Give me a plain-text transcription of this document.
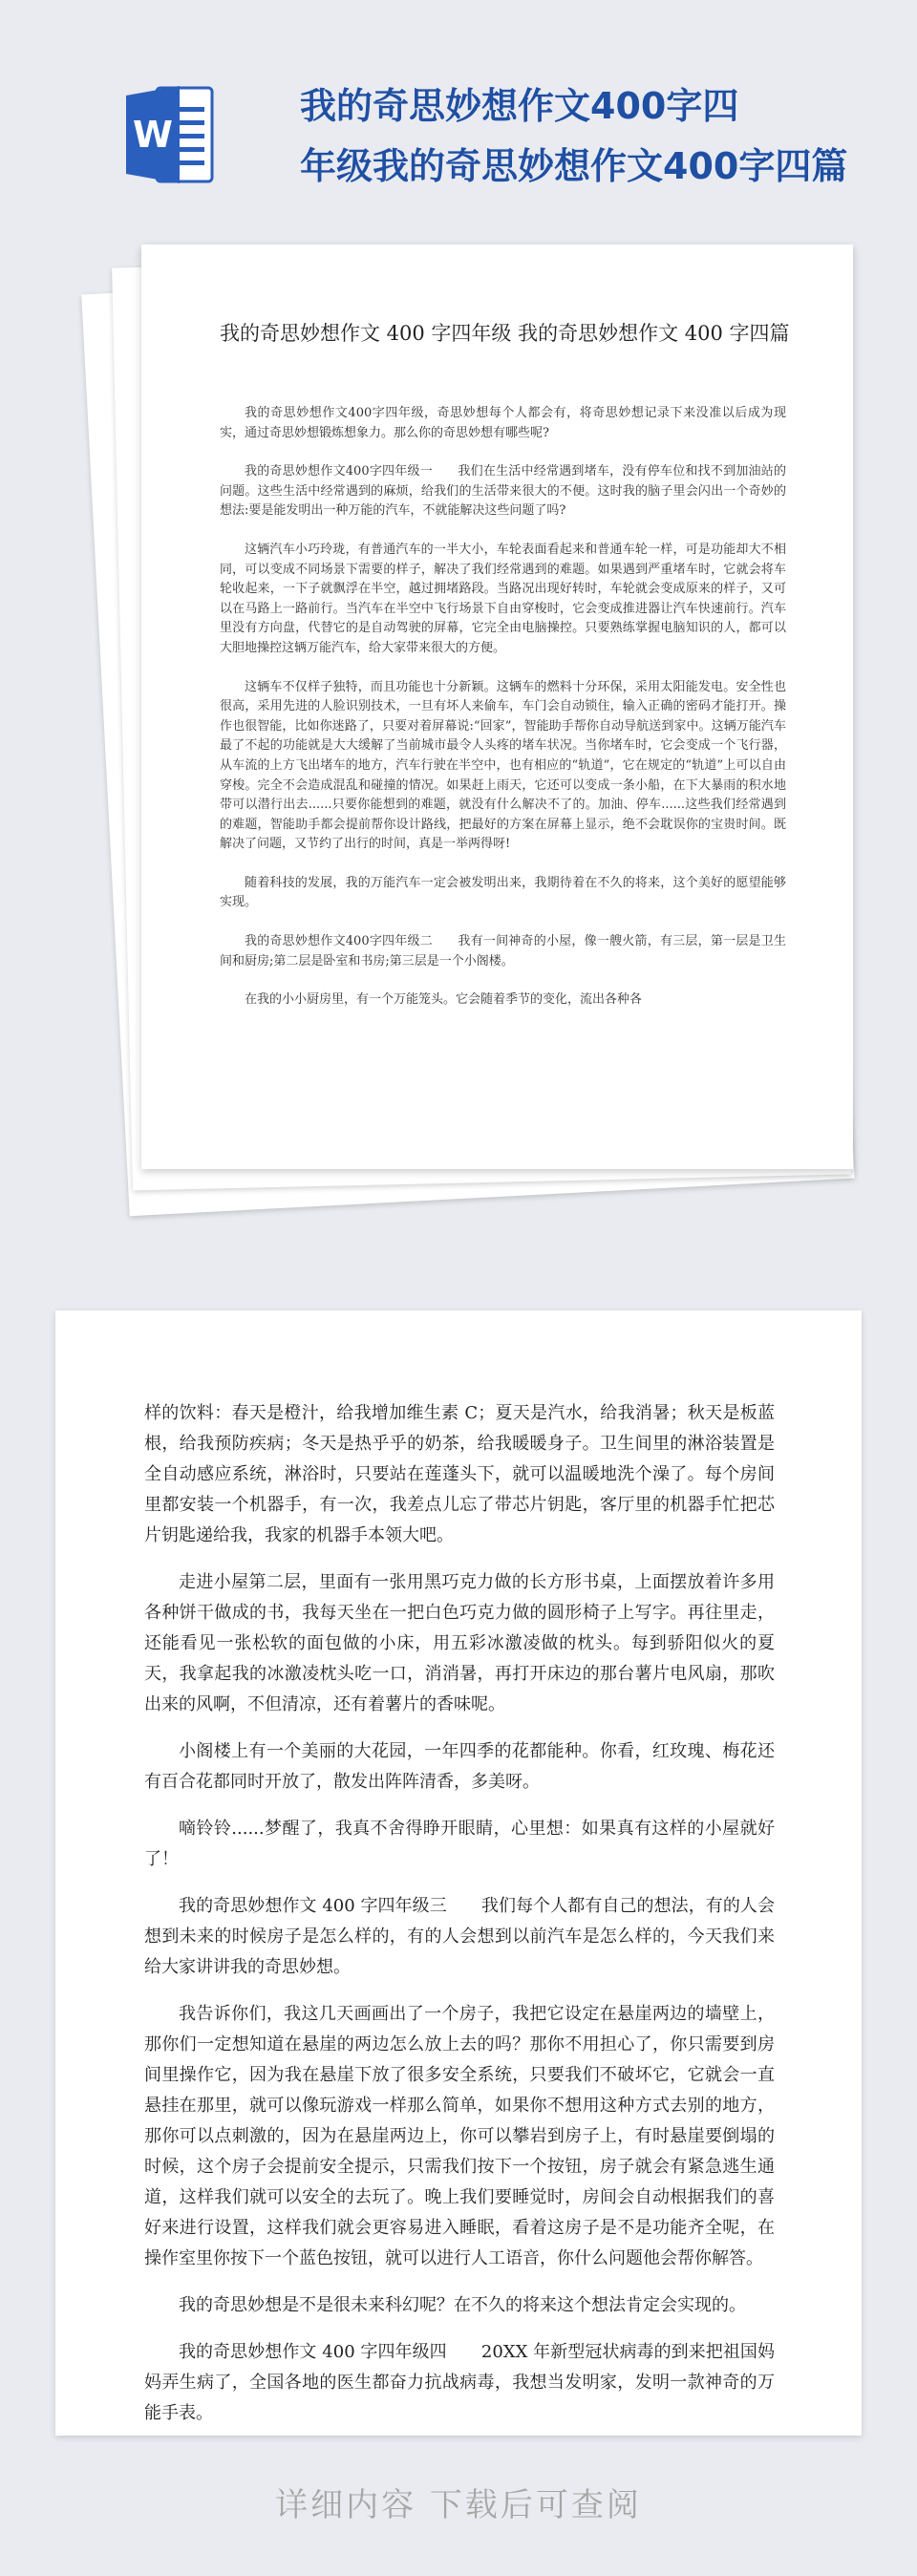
W
我的奇思妙想作文400字四
年级我的奇思妙想作文400字四篇
我的奇思妙想作文 400 字四年级 我的奇思妙想作文 400 字四篇

我的奇思妙想作文400字四年级，奇思妙想每个人都会有，将奇思妙想记录下来没准以后成为现实，通过奇思妙想锻炼想象力。那么你的奇思妙想有哪些呢?

我的奇思妙想作文400字四年级一　　我们在生活中经常遇到堵车，没有停车位和找不到加油站的问题。这些生活中经常遇到的麻烦，给我们的生活带来很大的不便。这时我的脑子里会闪出一个奇妙的想法:要是能发明出一种万能的汽车，不就能解决这些问题了吗?

这辆汽车小巧玲珑，有普通汽车的一半大小，车轮表面看起来和普通车轮一样，可是功能却大不相同，可以变成不同场景下需要的样子，解决了我们经常遇到的难题。如果遇到严重堵车时，它就会将车轮收起来，一下子就飘浮在半空，越过拥堵路段。当路况出现好转时，车轮就会变成原来的样子，又可以在马路上一路前行。当汽车在半空中飞行场景下自由穿梭时，它会变成推进器让汽车快速前行。汽车里没有方向盘，代替它的是自动驾驶的屏幕，它完全由电脑操控。只要熟练掌握电脑知识的人，都可以大胆地操控这辆万能汽车，给大家带来很大的方便。

这辆车不仅样子独特，而且功能也十分新颖。这辆车的燃料十分环保，采用太阳能发电。安全性也很高，采用先进的人脸识别技术，一旦有坏人来偷车，车门会自动锁住，输入正确的密码才能打开。操作也很智能，比如你迷路了，只要对着屏幕说:“回家”，智能助手帮你自动导航送到家中。这辆万能汽车最了不起的功能就是大大缓解了当前城市最令人头疼的堵车状况。当你堵车时，它会变成一个飞行器，从车流的上方飞出堵车的地方，汽车行驶在半空中，也有相应的“轨道”，它在规定的“轨道”上可以自由穿梭。完全不会造成混乱和碰撞的情况。如果赶上雨天，它还可以变成一条小船，在下大暴雨的积水地带可以潜行出去......只要你能想到的难题，就没有什么解决不了的。加油、停车......这些我们经常遇到的难题，智能助手都会提前帮你设计路线，把最好的方案在屏幕上显示，绝不会耽误你的宝贵时间。既解决了问题，又节约了出行的时间，真是一举两得呀!

随着科技的发展，我的万能汽车一定会被发明出来，我期待着在不久的将来，这个美好的愿望能够实现。

我的奇思妙想作文400字四年级二　　我有一间神奇的小屋，像一艘火箭，有三层，第一层是卫生间和厨房;第二层是卧室和书房;第三层是一个小阁楼。

在我的小小厨房里，有一个万能笼头。它会随着季节的变化，流出各种各

样的饮料：春天是橙汁，给我增加维生素 C；夏天是汽水，给我消暑；秋天是板蓝根，给我预防疾病；冬天是热乎乎的奶茶，给我暖暖身子。卫生间里的淋浴装置是全自动感应系统，淋浴时，只要站在莲蓬头下，就可以温暖地洗个澡了。每个房间里都安装一个机器手，有一次，我差点儿忘了带芯片钥匙，客厅里的机器手忙把芯片钥匙递给我，我家的机器手本领大吧。

走进小屋第二层，里面有一张用黑巧克力做的长方形书桌，上面摆放着许多用各种饼干做成的书，我每天坐在一把白色巧克力做的圆形椅子上写字。再往里走，还能看见一张松软的面包做的小床，用五彩冰激凌做的枕头。每到骄阳似火的夏天，我拿起我的冰激凌枕头吃一口，消消暑，再打开床边的那台薯片电风扇，那吹出来的风啊，不但清凉，还有着薯片的香味呢。

小阁楼上有一个美丽的大花园，一年四季的花都能种。你看，红玫瑰、梅花还有百合花都同时开放了，散发出阵阵清香，多美呀。

嘀铃铃......梦醒了，我真不舍得睁开眼睛，心里想：如果真有这样的小屋就好了！

我的奇思妙想作文 400 字四年级三　　我们每个人都有自己的想法，有的人会想到未来的时候房子是怎么样的，有的人会想到以前汽车是怎么样的，今天我们来给大家讲讲我的奇思妙想。

我告诉你们，我这几天画画出了一个房子，我把它设定在悬崖两边的墙壁上，那你们一定想知道在悬崖的两边怎么放上去的吗？那你不用担心了，你只需要到房间里操作它，因为我在悬崖下放了很多安全系统，只要我们不破坏它，它就会一直悬挂在那里，就可以像玩游戏一样那么简单，如果你不想用这种方式去别的地方，那你可以点刺激的，因为在悬崖两边上，你可以攀岩到房子上，有时悬崖要倒塌的时候，这个房子会提前安全提示，只需我们按下一个按钮，房子就会有紧急逃生通道，这样我们就可以安全的去玩了。晚上我们要睡觉时，房间会自动根据我们的喜好来进行设置，这样我们就会更容易进入睡眠，看着这房子是不是功能齐全呢，在操作室里你按下一个蓝色按钮，就可以进行人工语音，你什么问题他会帮你解答。

我的奇思妙想是不是很未来科幻呢？在不久的将来这个想法肯定会实现的。

我的奇思妙想作文 400 字四年级四　　20XX 年新型冠状病毒的到来把祖国妈妈弄生病了，全国各地的医生都奋力抗战病毒，我想当发明家，发明一款神奇的万能手表。

详细内容 下载后可查阅
